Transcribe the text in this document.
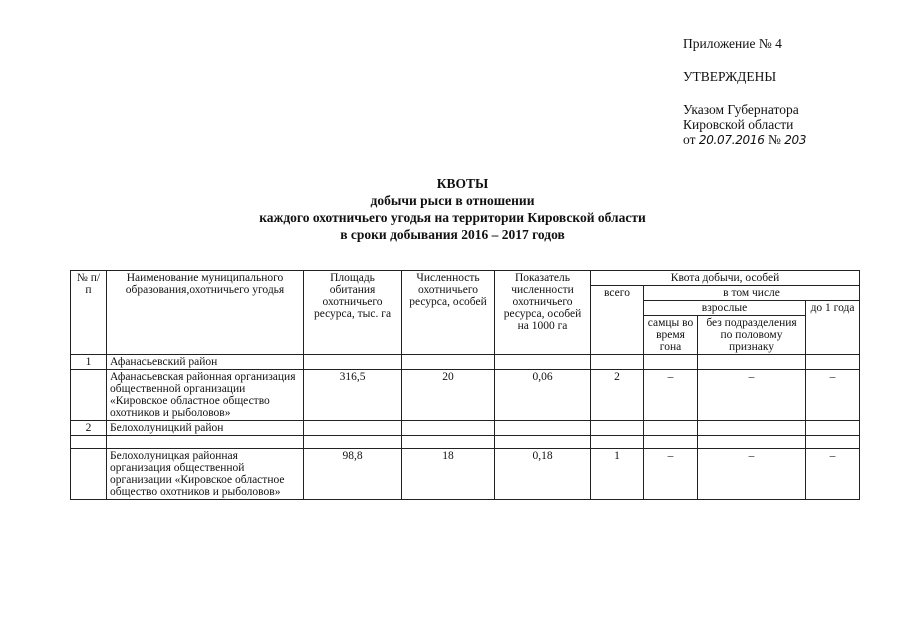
Приложение № 4
УТВЕРЖДЕНЫ
Указом Губернатора
Кировской области
от 20.07.2016 № 203
КВОТЫ
добычи рыси в отношении
каждого охотничьего угодья на территории Кировской области
в сроки добывания 2016 – 2017 годов
№ п/п	Наименование муниципального образования,охотничьего угодья	Площадь обитания охотничьего ресурса, тыс. га	Численность охотничьего ресурса, особей	Показатель численности охотничьего ресурса, особей на 1000 га	Квота добычи, особей			
					всего	в том числе		
						взрослые		до 1 года
						самцы во время гона	без подразделения по половому признаку	
1	Афанасьевский район							
	Афанасьевская районная организация общественной организации «Кировское областное общество охотников и рыболовов»	316,5	20	0,06	2	–	–	–
2	Белохолуницкий район							

	Белохолуницкая районная организация общественной организации «Кировское областное общество охотников и рыболовов»	98,8	18	0,18	1	–	–	–
